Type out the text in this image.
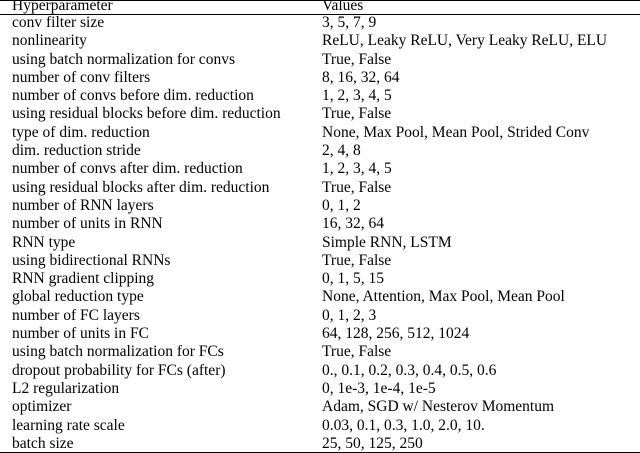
Hyperparameter	Values
conv filter size	3, 5, 7, 9
nonlinearity	ReLU, Leaky ReLU, Very Leaky ReLU, ELU
using batch normalization for convs	True, False
number of conv filters	8, 16, 32, 64
number of convs before dim. reduction	1, 2, 3, 4, 5
using residual blocks before dim. reduction	True, False
type of dim. reduction	None, Max Pool, Mean Pool, Strided Conv
dim. reduction stride	2, 4, 8
number of convs after dim. reduction	1, 2, 3, 4, 5
using residual blocks after dim. reduction	True, False
number of RNN layers	0, 1, 2
number of units in RNN	16, 32, 64
RNN type	Simple RNN, LSTM
using bidirectional RNNs	True, False
RNN gradient clipping	0, 1, 5, 15
global reduction type	None, Attention, Max Pool, Mean Pool
number of FC layers	0, 1, 2, 3
number of units in FC	64, 128, 256, 512, 1024
using batch normalization for FCs	True, False
dropout probability for FCs (after)	0., 0.1, 0.2, 0.3, 0.4, 0.5, 0.6
L2 regularization	0, 1e-3, 1e-4, 1e-5
optimizer	Adam, SGD w/ Nesterov Momentum
learning rate scale	0.03, 0.1, 0.3, 1.0, 2.0, 10.
batch size	25, 50, 125, 250
